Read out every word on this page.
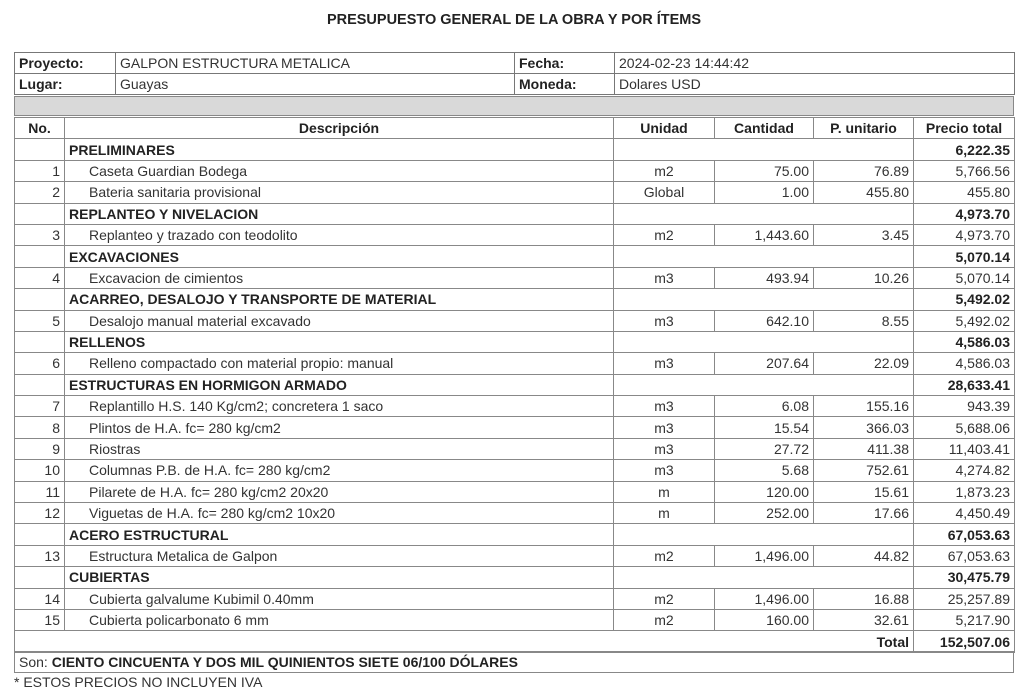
PRESUPUESTO GENERAL DE LA OBRA Y POR ÍTEMS
Proyecto:	GALPON ESTRUCTURA METALICA	Fecha:	2024-02-23 14:44:42
Lugar:	Guayas	Moneda:	Dolares USD
No.	Descripción	Unidad	Cantidad	P. unitario	Precio total
	PRELIMINARES				6,222.35
1	Caseta Guardian Bodega	m2	75.00	76.89	5,766.56
2	Bateria sanitaria provisional	Global	1.00	455.80	455.80
	REPLANTEO Y NIVELACION				4,973.70
3	Replanteo y trazado con teodolito	m2	1,443.60	3.45	4,973.70
	EXCAVACIONES				5,070.14
4	Excavacion de cimientos	m3	493.94	10.26	5,070.14
	ACARREO, DESALOJO Y TRANSPORTE DE MATERIAL				5,492.02
5	Desalojo manual material excavado	m3	642.10	8.55	5,492.02
	RELLENOS				4,586.03
6	Relleno compactado con material propio: manual	m3	207.64	22.09	4,586.03
	ESTRUCTURAS EN HORMIGON ARMADO				28,633.41
7	Replantillo H.S. 140 Kg/cm2; concretera 1 saco	m3	6.08	155.16	943.39
8	Plintos de H.A. fc= 280 kg/cm2	m3	15.54	366.03	5,688.06
9	Riostras	m3	27.72	411.38	11,403.41
10	Columnas P.B. de H.A. fc= 280 kg/cm2	m3	5.68	752.61	4,274.82
11	Pilarete de H.A. fc= 280 kg/cm2 20x20	m	120.00	15.61	1,873.23
12	Viguetas de H.A. fc= 280 kg/cm2 10x20	m	252.00	17.66	4,450.49
	ACERO ESTRUCTURAL				67,053.63
13	Estructura Metalica de Galpon	m2	1,496.00	44.82	67,053.63
	CUBIERTAS				30,475.79
14	Cubierta galvalume Kubimil 0.40mm	m2	1,496.00	16.88	25,257.89
15	Cubierta policarbonato 6 mm	m2	160.00	32.61	5,217.90
Total					152,507.06
Son: CIENTO CINCUENTA Y DOS MIL QUINIENTOS SIETE 06/100 DÓLARES
* ESTOS PRECIOS NO INCLUYEN IVA
